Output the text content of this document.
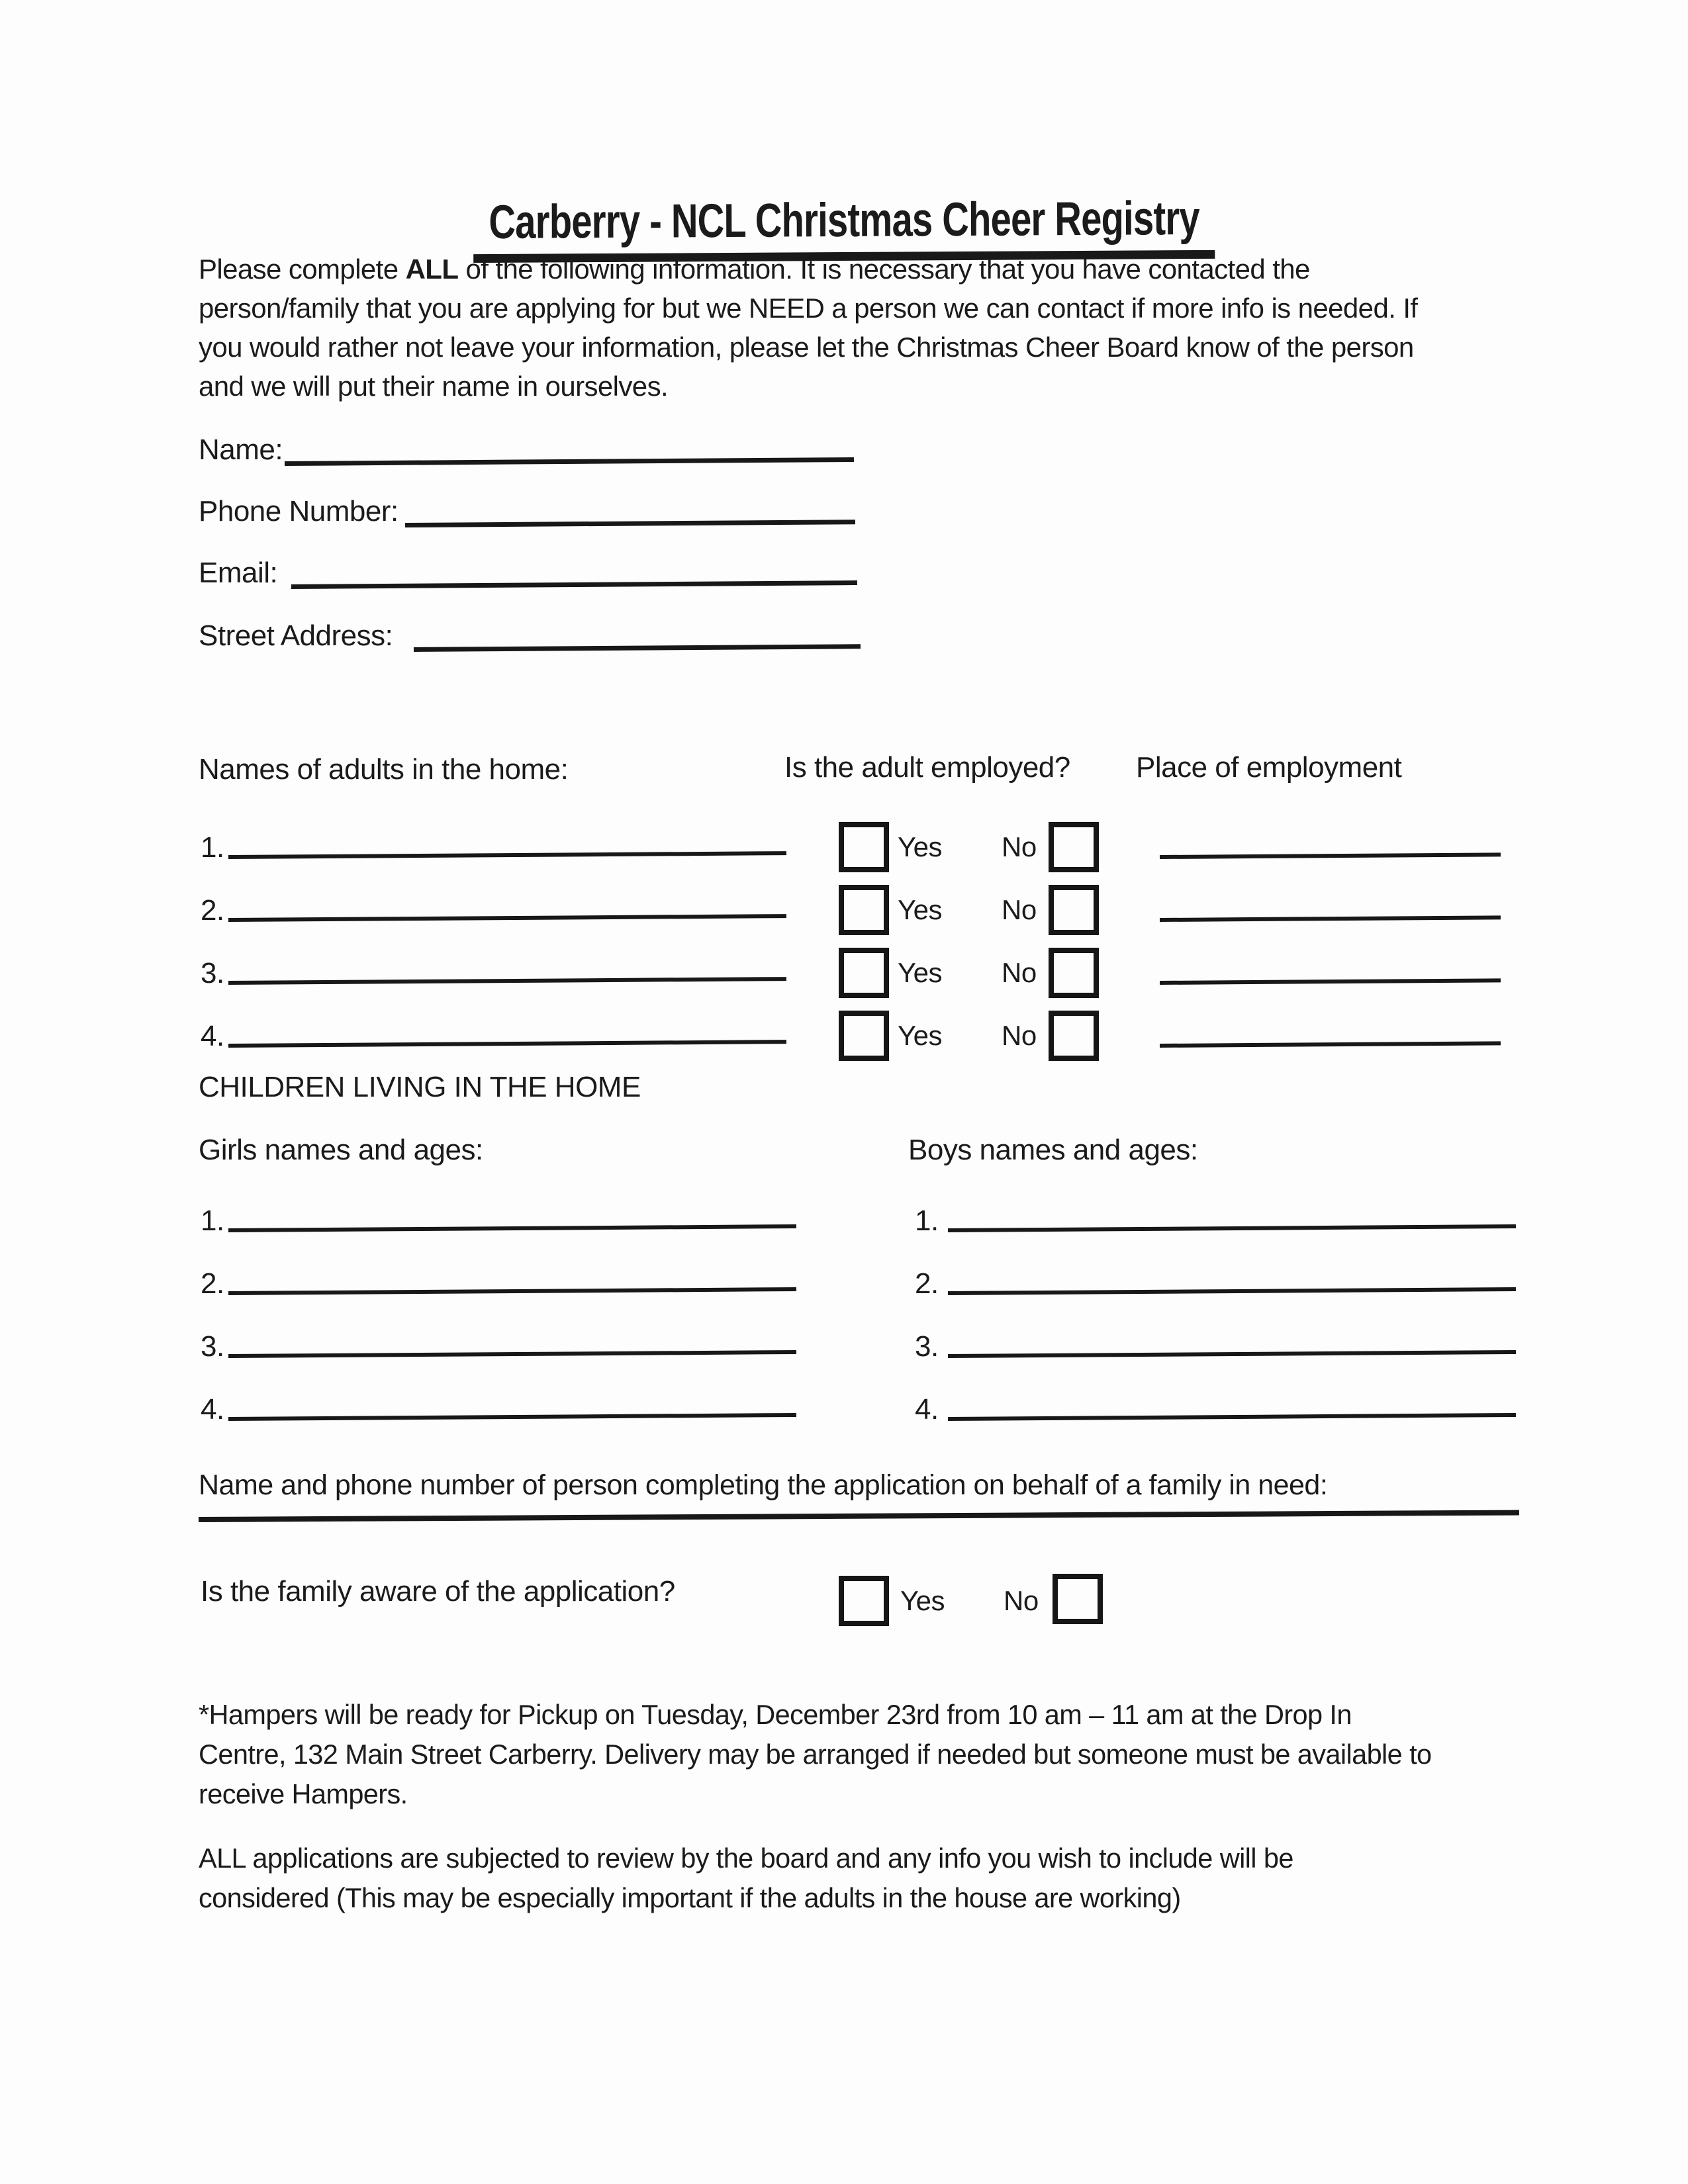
Carberry - NCL Christmas Cheer Registry
Please complete ALL of the following information. It is necessary that you have contacted the
person/family that you are applying for but we NEED a person we can contact if more info is needed. If
you would rather not leave your information, please let the Christmas Cheer Board know of the person
and we will put their name in ourselves.
Name:
Phone Number:
Email:
Street Address:
Names of adults in the home:	Is the adult employed? Place of employment
1.	Yes No
2.	Yes No
3.	Yes No
4.	Yes No
CHILDREN LIVING IN THE HOME
Girls names and ages:	Boys names and ages:
1.
2.
3.
4.
1.
2.
3.
4.
Name and phone number of person completing the application on behalf of a family in need:
Is the family aware of the application?	Yes No
*Hampers will be ready for Pickup on Tuesday, December 23rd from 10 am – 11 am at the Drop In
Centre, 132 Main Street Carberry. Delivery may be arranged if needed but someone must be available to
receive Hampers.
ALL applications are subjected to review by the board and any info you wish to include will be
considered (This may be especially important if the adults in the house are working)
